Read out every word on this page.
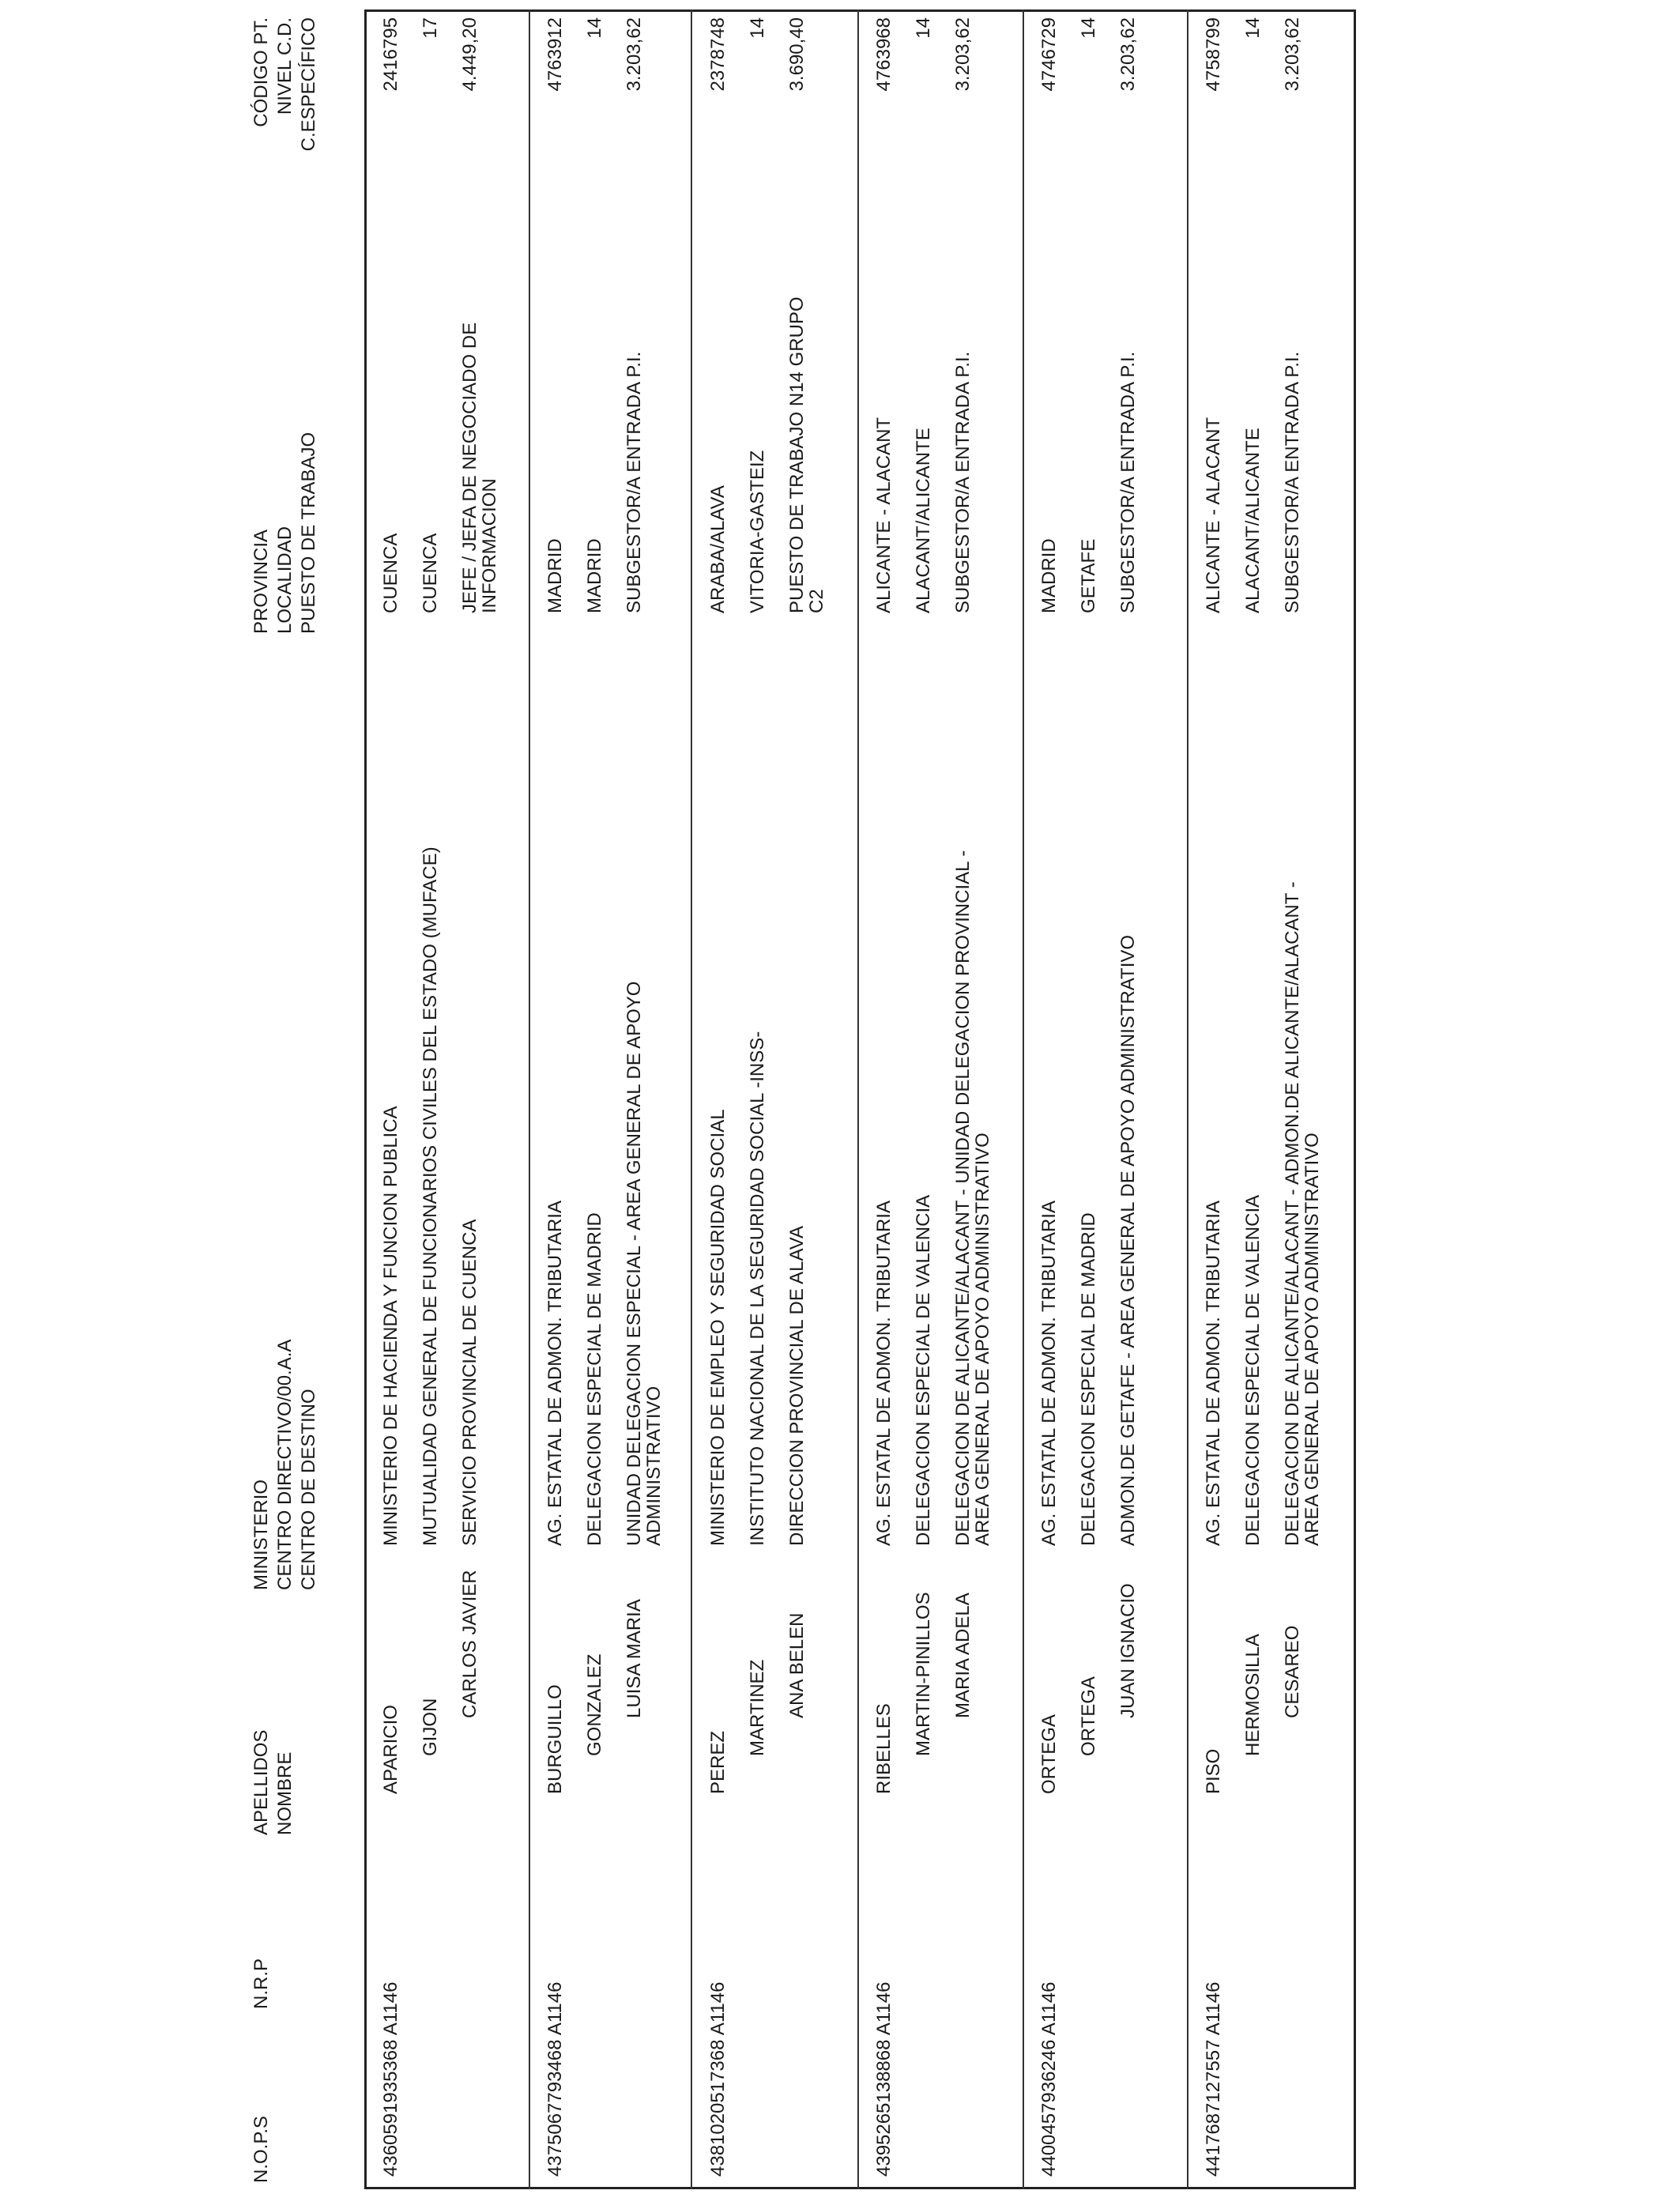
N.O.P.S
N.R.P
APELLIDOS NOMBRE
MINISTERIO CENTRO DIRECTIVO/00.A.A CENTRO DE DESTINO
PROVINCIA LOCALIDAD PUESTO DE TRABAJO
CÓDIGO PT. NIVEL C.D. C.ESPECÍFICO
436
0591935368 A1146
APARICIO GIJON
CARLOS JAVIER
MINISTERIO DE HACIENDA Y FUNCION PUBLICA MUTUALIDAD GENERAL DE FUNCIONARIOS CIVILES DEL ESTADO (MUFACE) SERVICIO PROVINCIAL DE CUENCA
CUENCA CUENCA JEFE / JEFA DE NEGOCIADO DE
INFORMACION
2416795 17 4.449,20
437
5067793468 A1146
BURGUILLO GONZALEZ LUISA MARIA
AG. ESTATAL DE ADMON. TRIBUTARIA DELEGACION ESPECIAL DE MADRID UNIDAD DELEGACION ESPECIAL - AREA GENERAL DE APOYO
ADMINISTRATIVO
MADRID MADRID SUBGESTOR/A ENTRADA P.I.
4763912 14 3.203,62
438
1020517368 A1146
PEREZ
MARTINEZ ANA BELEN
MINISTERIO DE EMPLEO Y SEGURIDAD SOCIAL INSTITUTO NACIONAL DE LA SEGURIDAD SOCIAL -INSS- DIRECCION PROVINCIAL DE ALAVA
ARABA/ALAVA VITORIA-GASTEIZ PUESTO DE TRABAJO N14 GRUPO
C2
2378748 14 3.690,40
439
5265138868 A1146
RIBELLES MARTIN-PINILLOS MARIA ADELA
AG. ESTATAL DE ADMON. TRIBUTARIA DELEGACION ESPECIAL DE VALENCIA DELEGACION DE ALICANTE/ALACANT - UNIDAD DELEGACION PROVINCIAL -
AREA GENERAL DE APOYO ADMINISTRATIVO
ALICANTE - ALACANT ALACANT/ALICANTE SUBGESTOR/A ENTRADA P.I.
4763968 14 3.203,62
440
0457936246 A1146
ORTEGA ORTEGA JUAN IGNACIO
AG. ESTATAL DE ADMON. TRIBUTARIA DELEGACION ESPECIAL DE MADRID ADMON.DE GETAFE - AREA GENERAL DE APOYO ADMINISTRATIVO
MADRID GETAFE SUBGESTOR/A ENTRADA P.I.
4746729 14 3.203,62
441
7687127557 A1146
PISO
HERMOSILLA CESAREO
AG. ESTATAL DE ADMON. TRIBUTARIA DELEGACION ESPECIAL DE VALENCIA DELEGACION DE ALICANTE/ALACANT - ADMON.DE ALICANTE/ALACANT -
AREA GENERAL DE APOYO ADMINISTRATIVO
ALICANTE - ALACANT ALACANT/ALICANTE SUBGESTOR/A ENTRADA P.I.
4758799 14 3.203,62
